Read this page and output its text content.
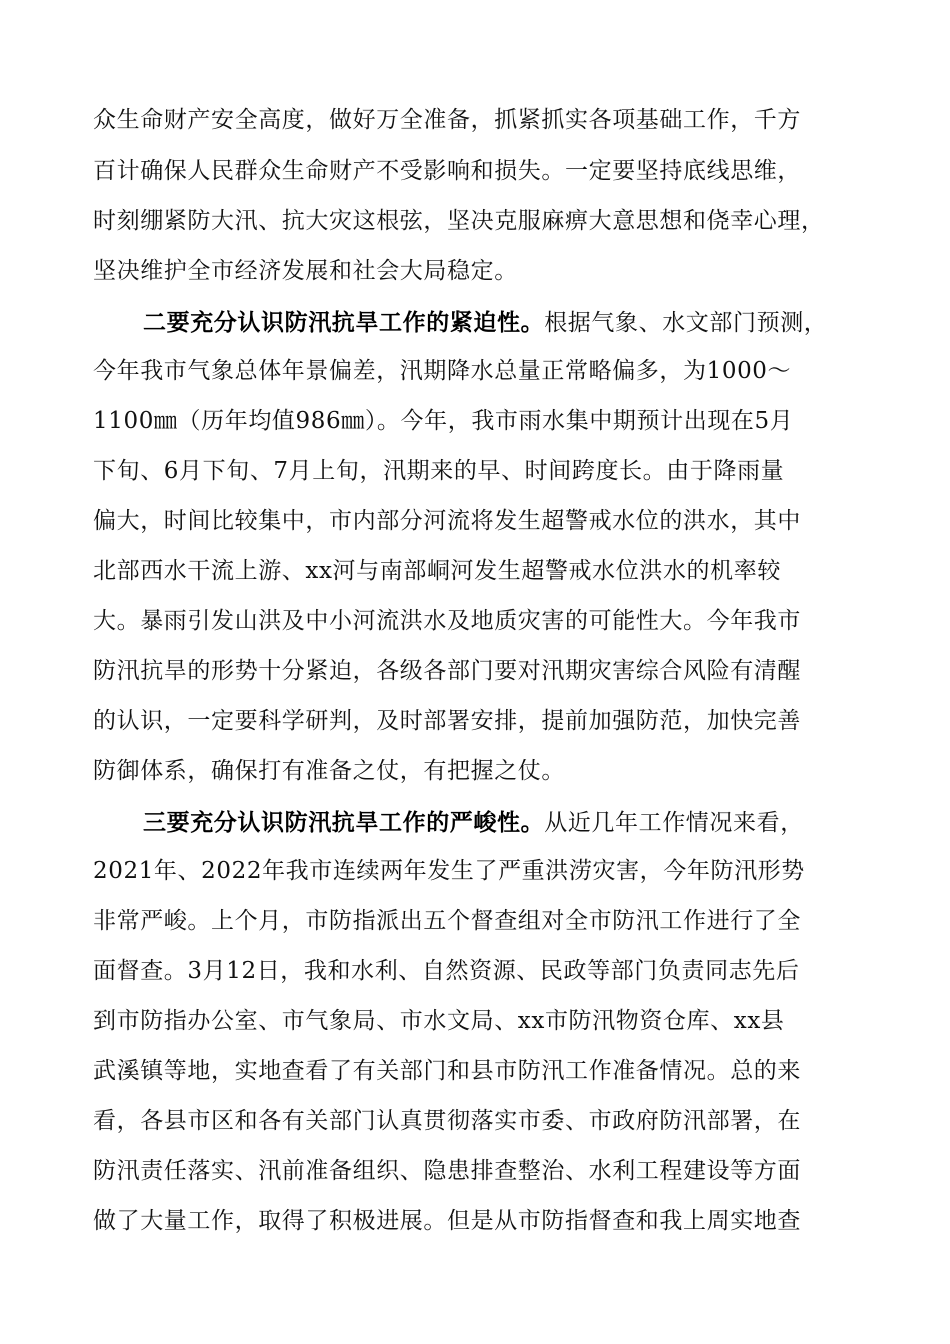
众生命财产安全高度，做好万全准备，抓紧抓实各项基础工作，千方
百计确保人民群众生命财产不受影响和损失。一定要坚持底线思维，
时刻绷紧防大汛、抗大灾这根弦，坚决克服麻痹大意思想和侥幸心理，
坚决维护全市经济发展和社会大局稳定。
二要充分认识防汛抗旱工作的紧迫性。根据气象、水文部门预测，
今年我市气象总体年景偏差，汛期降水总量正常略偏多，为1000～
1100㎜（历年均值986㎜）。今年，我市雨水集中期预计出现在5月
下旬、6月下旬、7月上旬，汛期来的早、时间跨度长。由于降雨量
偏大，时间比较集中，市内部分河流将发生超警戒水位的洪水，其中
北部西水干流上游、xx河与南部峒河发生超警戒水位洪水的机率较
大。暴雨引发山洪及中小河流洪水及地质灾害的可能性大。今年我市
防汛抗旱的形势十分紧迫，各级各部门要对汛期灾害综合风险有清醒
的认识，一定要科学研判，及时部署安排，提前加强防范，加快完善
防御体系，确保打有准备之仗，有把握之仗。
三要充分认识防汛抗旱工作的严峻性。从近几年工作情况来看，
2021年、2022年我市连续两年发生了严重洪涝灾害，今年防汛形势
非常严峻。上个月，市防指派出五个督查组对全市防汛工作进行了全
面督查。3月12日，我和水利、自然资源、民政等部门负责同志先后
到市防指办公室、市气象局、市水文局、xx市防汛物资仓库、xx县
武溪镇等地，实地查看了有关部门和县市防汛工作准备情况。总的来
看，各县市区和各有关部门认真贯彻落实市委、市政府防汛部署，在
防汛责任落实、汛前准备组织、隐患排查整治、水利工程建设等方面
做了大量工作，取得了积极进展。但是从市防指督查和我上周实地查
